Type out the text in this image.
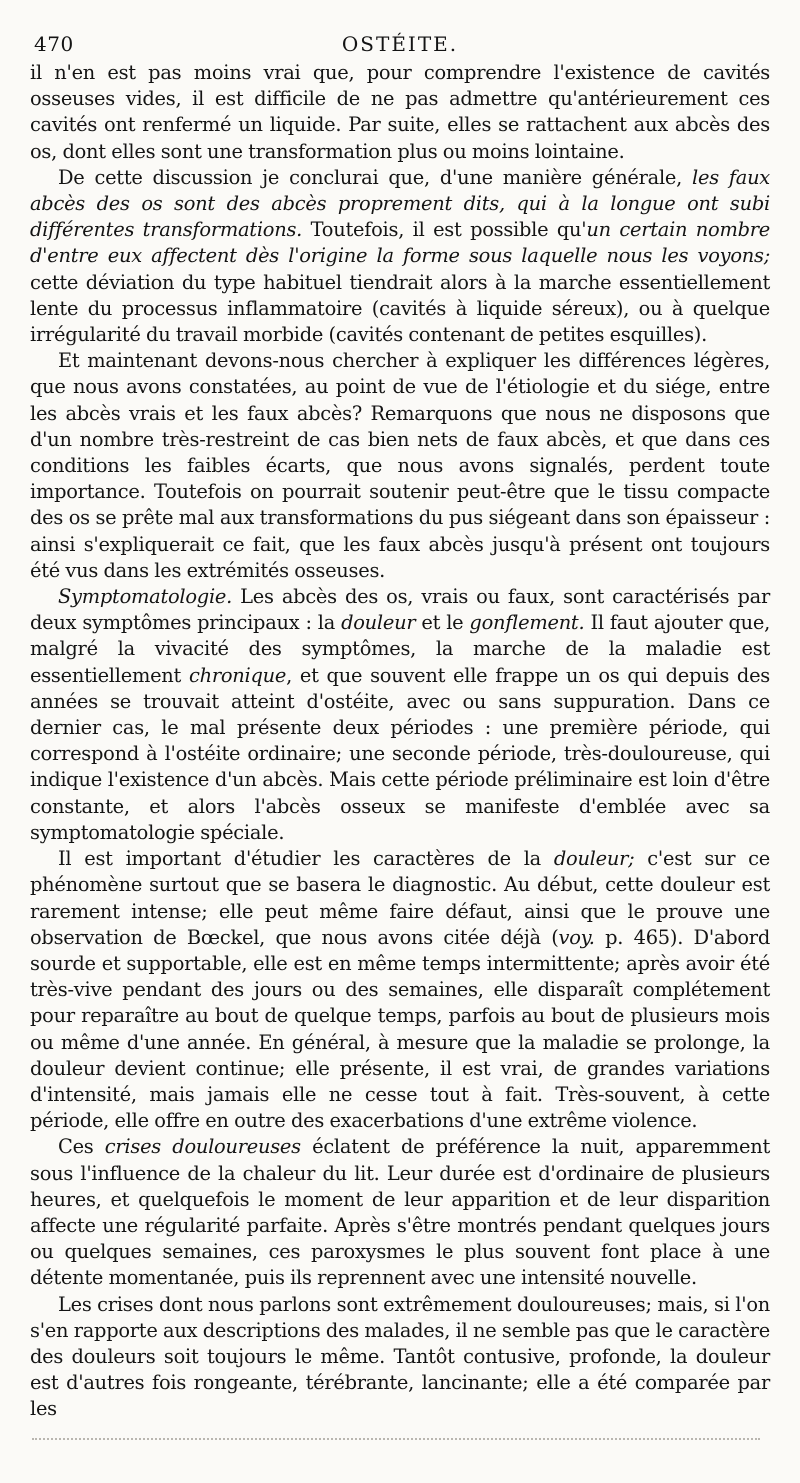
470	OSTÉITE.

il n'en est pas moins vrai que, pour comprendre l'existence de cavités osseuses vides, il est difficile de ne pas admettre qu'antérieurement ces cavités ont renfermé un liquide. Par suite, elles se rattachent aux abcès des os, dont elles sont une transformation plus ou moins lointaine.

De cette discussion je conclurai que, d'une manière générale, les faux abcès des os sont des abcès proprement dits, qui à la longue ont subi différentes transformations. Toutefois, il est possible qu'un certain nombre d'entre eux affectent dès l'origine la forme sous laquelle nous les voyons; cette déviation du type habituel tiendrait alors à la marche essentiellement lente du processus inflammatoire (cavités à liquide séreux), ou à quelque irrégularité du travail morbide (cavités contenant de petites esquilles).

Et maintenant devons-nous chercher à expliquer les différences légères, que nous avons constatées, au point de vue de l'étiologie et du siége, entre les abcès vrais et les faux abcès? Remarquons que nous ne disposons que d'un nombre très-restreint de cas bien nets de faux abcès, et que dans ces conditions les faibles écarts, que nous avons signalés, perdent toute importance. Toutefois on pourrait soutenir peut-être que le tissu compacte des os se prête mal aux transformations du pus siégeant dans son épaisseur : ainsi s'expliquerait ce fait, que les faux abcès jusqu'à présent ont toujours été vus dans les extrémités osseuses.

Symptomatologie. Les abcès des os, vrais ou faux, sont caractérisés par deux symptômes principaux : la douleur et le gonflement. Il faut ajouter que, malgré la vivacité des symptômes, la marche de la maladie est essentiellement chronique, et que souvent elle frappe un os qui depuis des années se trouvait atteint d'ostéite, avec ou sans suppuration. Dans ce dernier cas, le mal présente deux périodes : une première période, qui correspond à l'ostéite ordinaire; une seconde période, très-douloureuse, qui indique l'existence d'un abcès. Mais cette période préliminaire est loin d'être constante, et alors l'abcès osseux se manifeste d'emblée avec sa symptomatologie spéciale.

Il est important d'étudier les caractères de la douleur; c'est sur ce phénomène surtout que se basera le diagnostic. Au début, cette douleur est rarement intense; elle peut même faire défaut, ainsi que le prouve une observation de Bœckel, que nous avons citée déjà (voy. p. 465). D'abord sourde et supportable, elle est en même temps intermittente; après avoir été très-vive pendant des jours ou des semaines, elle disparaît complétement pour reparaître au bout de quelque temps, parfois au bout de plusieurs mois ou même d'une année. En général, à mesure que la maladie se prolonge, la douleur devient continue; elle présente, il est vrai, de grandes variations d'intensité, mais jamais elle ne cesse tout à fait. Très-souvent, à cette période, elle offre en outre des exacerbations d'une extrême violence.

Ces crises douloureuses éclatent de préférence la nuit, apparemment sous l'influence de la chaleur du lit. Leur durée est d'ordinaire de plusieurs heures, et quelquefois le moment de leur apparition et de leur disparition affecte une régularité parfaite. Après s'être montrés pendant quelques jours ou quelques semaines, ces paroxysmes le plus souvent font place à une détente momentanée, puis ils reprennent avec une intensité nouvelle.

Les crises dont nous parlons sont extrêmement douloureuses; mais, si l'on s'en rapporte aux descriptions des malades, il ne semble pas que le caractère des douleurs soit toujours le même. Tantôt contusive, profonde, la douleur est d'autres fois rongeante, térébrante, lancinante; elle a été comparée par les
